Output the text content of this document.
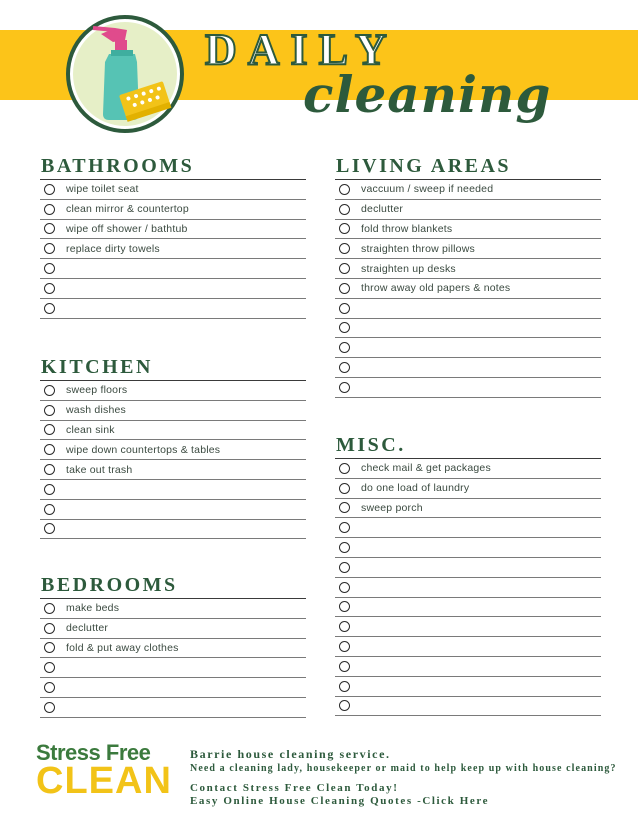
DAILY
cleaning
BATHROOMS
wipe toilet seat
clean mirror & countertop
wipe off shower / bathtub
replace dirty towels
LIVING AREAS
vaccuum / sweep if needed
declutter
fold throw blankets
straighten throw pillows
straighten up desks
throw away old papers & notes
KITCHEN
sweep floors
wash dishes
clean sink
wipe down countertops & tables
take out trash
MISC.
check mail & get packages
do one load of laundry
sweep porch
BEDROOMS
make beds
declutter
fold & put away clothes
Stress Free
CLEAN
Barrie house cleaning service.
Need a cleaning lady, housekeeper or maid to help keep up with house cleaning?
Contact Stress Free Clean Today!
Easy Online House Cleaning Quotes -Click Here
